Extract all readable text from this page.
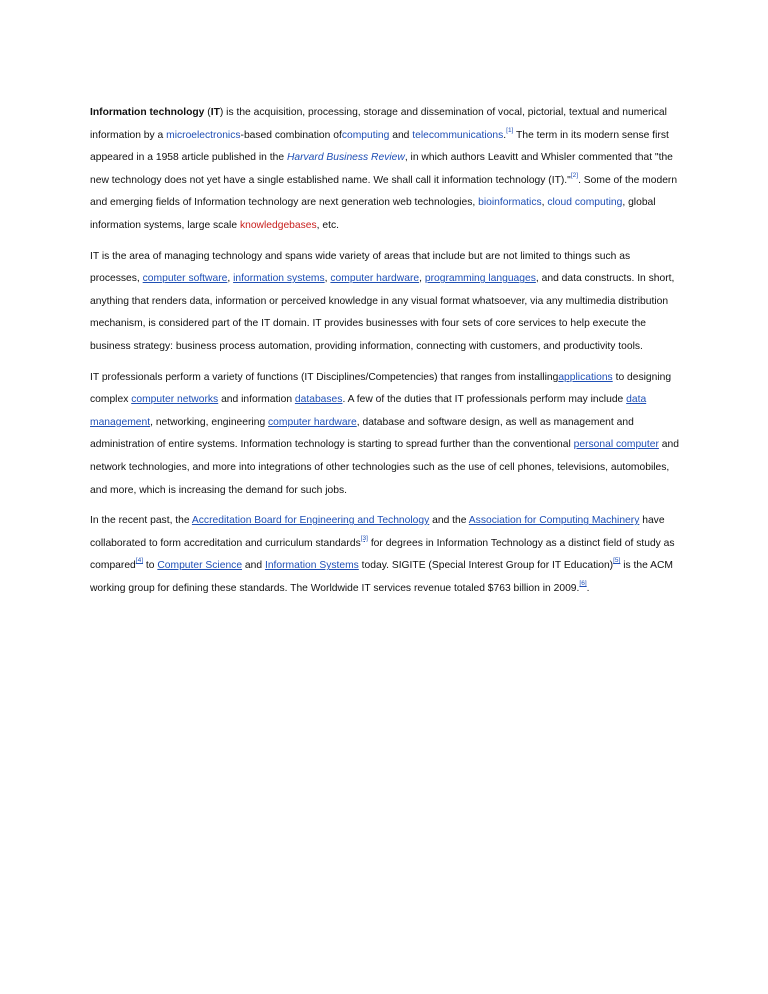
Information technology (IT) is the acquisition, processing, storage and dissemination of vocal, pictorial, textual and numerical information by a microelectronics-based combination ofcomputing and telecommunications.[1] The term in its modern sense first appeared in a 1958 article published in the Harvard Business Review, in which authors Leavitt and Whisler commented that "the new technology does not yet have a single established name. We shall call it information technology (IT)."[2]. Some of the modern and emerging fields of Information technology are next generation web technologies, bioinformatics, cloud computing, global information systems, large scale knowledgebases, etc.

IT is the area of managing technology and spans wide variety of areas that include but are not limited to things such as processes, computer software, information systems, computer hardware, programming languages, and data constructs. In short, anything that renders data, information or perceived knowledge in any visual format whatsoever, via any multimedia distribution mechanism, is considered part of the IT domain. IT provides businesses with four sets of core services to help execute the business strategy: business process automation, providing information, connecting with customers, and productivity tools.

IT professionals perform a variety of functions (IT Disciplines/Competencies) that ranges from installingapplications to designing complex computer networks and information databases. A few of the duties that IT professionals perform may include data management, networking, engineering computer hardware, database and software design, as well as management and administration of entire systems. Information technology is starting to spread further than the conventional personal computer and network technologies, and more into integrations of other technologies such as the use of cell phones, televisions, automobiles, and more, which is increasing the demand for such jobs.

In the recent past, the Accreditation Board for Engineering and Technology and the Association for Computing Machinery have collaborated to form accreditation and curriculum standards[3] for degrees in Information Technology as a distinct field of study as compared[4] to Computer Science and Information Systems today. SIGITE (Special Interest Group for IT Education)[5] is the ACM working group for defining these standards. The Worldwide IT services revenue totaled $763 billion in 2009.[6].
